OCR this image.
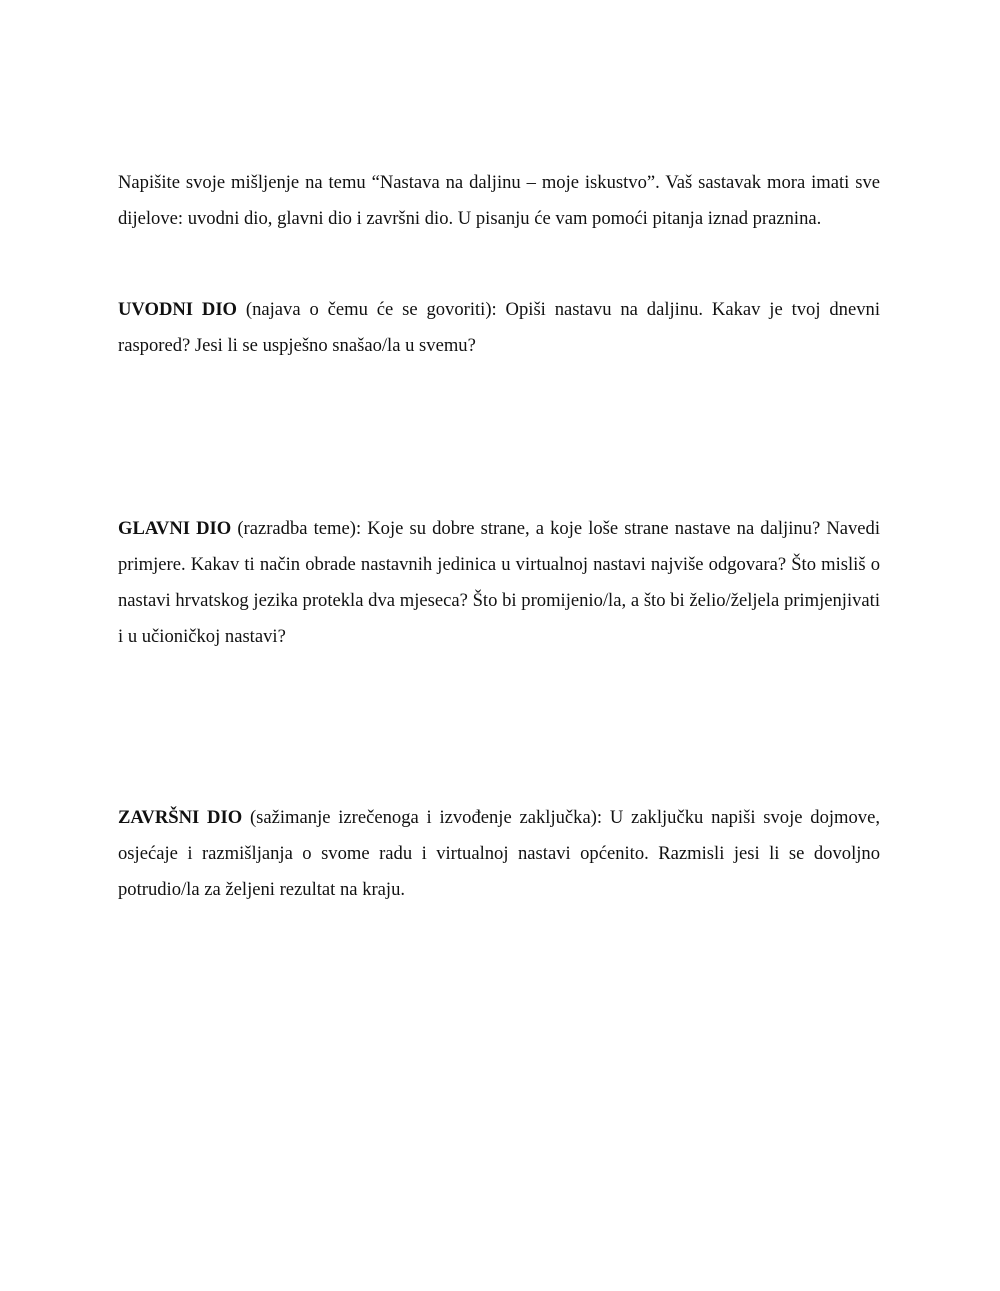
Napišite svoje mišljenje na temu “Nastava na daljinu – moje iskustvo”. Vaš sastavak mora imati sve dijelove: uvodni dio, glavni dio i završni dio. U pisanju će vam pomoći pitanja iznad praznina.

UVODNI DIO (najava o čemu će se govoriti): Opiši nastavu na daljinu. Kakav je tvoj dnevni raspored? Jesi li se uspješno snašao/la u svemu?

GLAVNI DIO (razradba teme): Koje su dobre strane, a koje loše strane nastave na daljinu? Navedi primjere. Kakav ti način obrade nastavnih jedinica u virtualnoj nastavi najviše odgovara? Što misliš o nastavi hrvatskog jezika protekla dva mjeseca? Što bi promijenio/la, a što bi želio/željela primjenjivati i u učioničkoj nastavi?

ZAVRŠNI DIO (sažimanje izrečenoga i izvođenje zaključka): U zaključku napiši svoje dojmove, osjećaje i razmišljanja o svome radu i virtualnoj nastavi općenito. Razmisli jesi li se dovoljno potrudio/la za željeni rezultat na kraju.
